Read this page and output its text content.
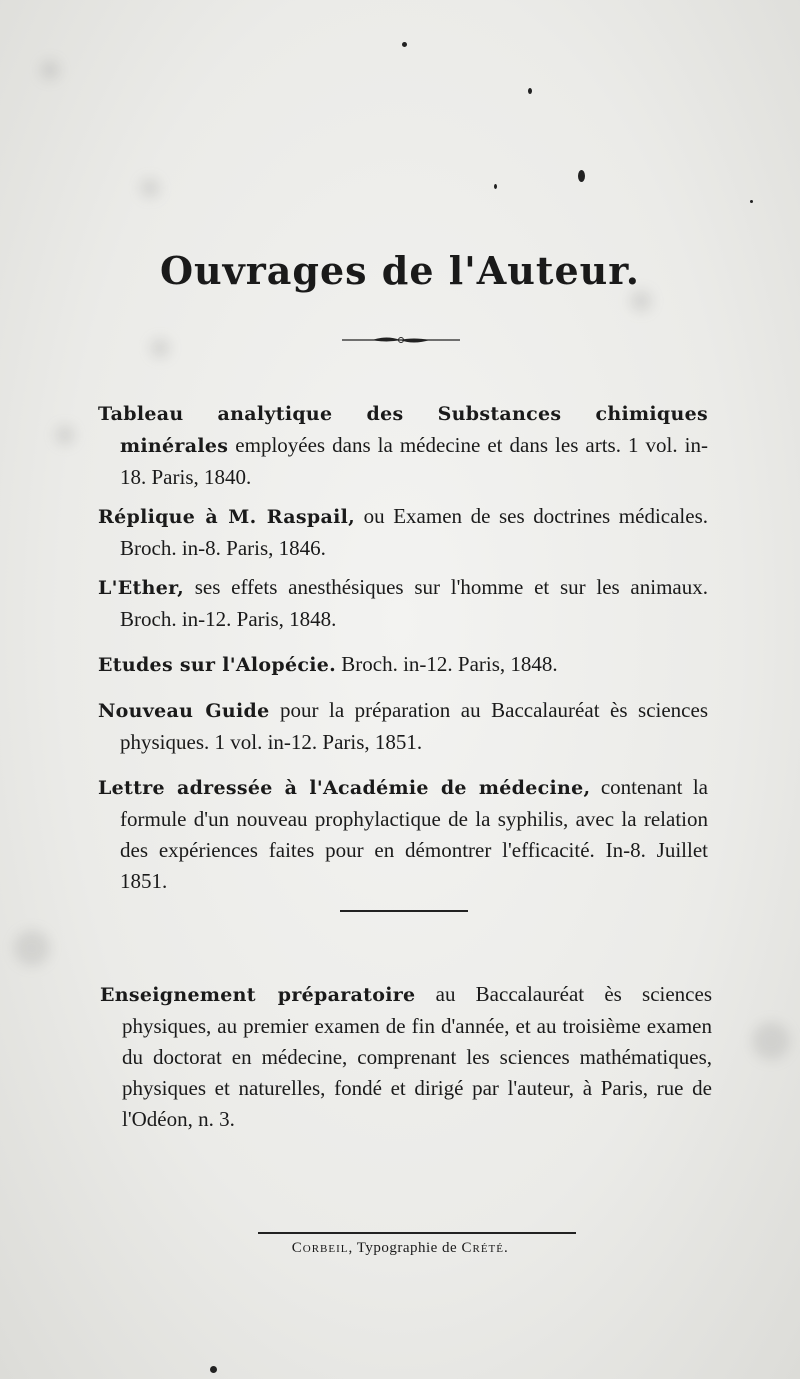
Ouvrages de l'Auteur.

Tableau analytique des Substances chimiques minérales employées dans la médecine et dans les arts. 1 vol. in-18. Paris, 1840.

Réplique à M. Raspail, ou Examen de ses doctrines médicales. Broch. in-8. Paris, 1846.

L'Ether, ses effets anesthésiques sur l'homme et sur les animaux. Broch. in-12. Paris, 1848.

Etudes sur l'Alopécie. Broch. in-12. Paris, 1848.

Nouveau Guide pour la préparation au Baccalauréat ès sciences physiques. 1 vol. in-12. Paris, 1851.

Lettre adressée à l'Académie de médecine, contenant la formule d'un nouveau prophylactique de la syphilis, avec la relation des expériences faites pour en démontrer l'efficacité. In-8. Juillet 1851.

Enseignement préparatoire au Baccalauréat ès sciences physiques, au premier examen de fin d'année, et au troisième examen du doctorat en médecine, comprenant les sciences mathématiques, physiques et naturelles, fondé et dirigé par l'auteur, à Paris, rue de l'Odéon, n. 3.

Corbeil, Typographie de Crété.
